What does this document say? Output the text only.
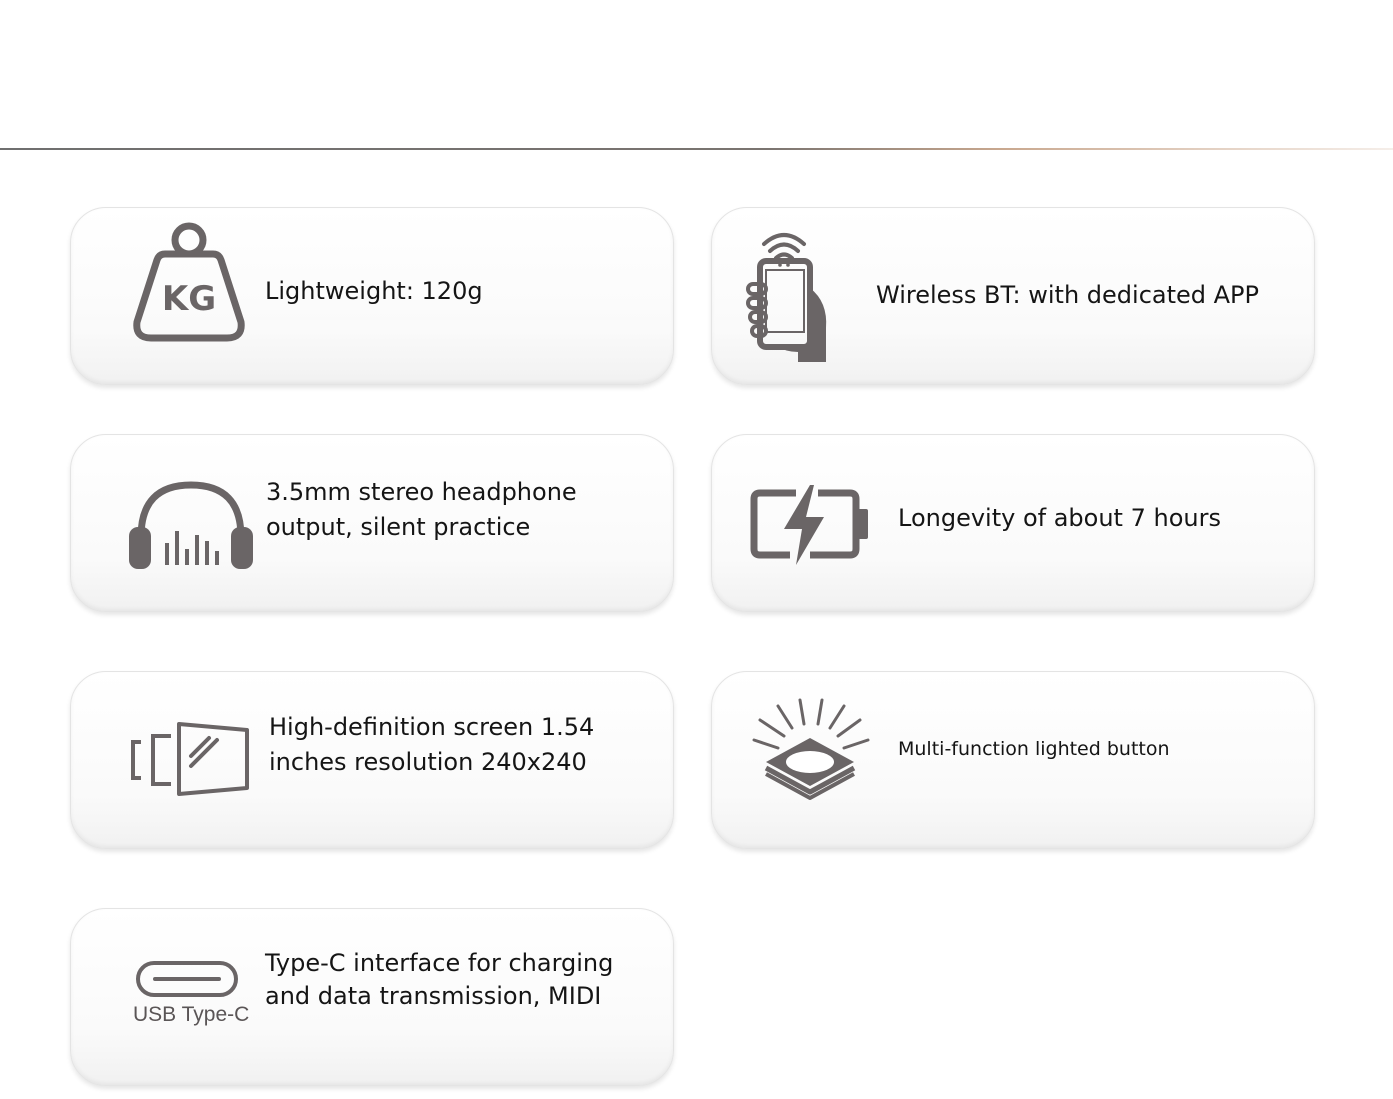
KG Lightweight: 120g	Wireless BT: with dedicated APP
3.5mm stereo headphone
output, silent practice	Longevity of about 7 hours
High-definition screen 1.54
inches resolution 240x240	Multi-function lighted button
USB Type-C
Type-C interface for charging
and data transmission, MIDI
